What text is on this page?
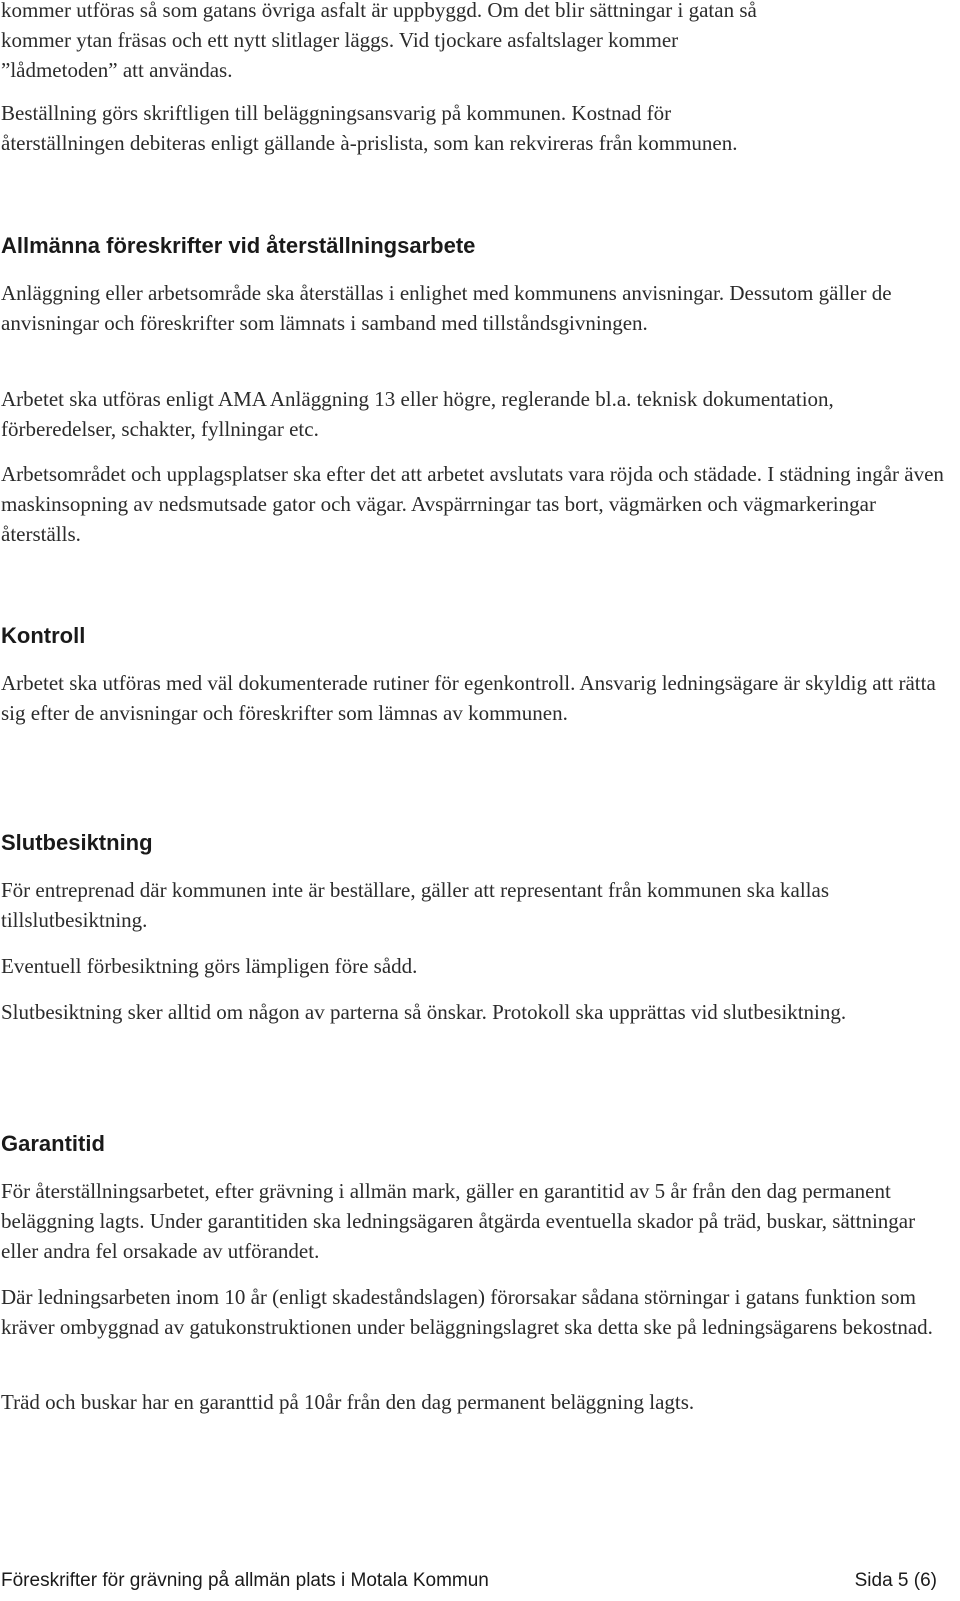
kommer utföras så som gatans övriga asfalt är uppbyggd. Om det blir sättningar i gatan så

kommer ytan fräsas och ett nytt slitlager läggs. Vid tjockare asfaltslager kommer

”lådmetoden” att användas.

Beställning görs skriftligen till beläggningsansvarig på kommunen. Kostnad för

återställningen debiteras enligt gällande à-prislista, som kan rekvireras från kommunen.

Allmänna föreskrifter vid återställningsarbete

Anläggning eller arbetsområde ska återställas i enlighet med kommunens anvisningar. Dessutom gäller de anvisningar och föreskrifter som lämnats i samband med tillståndsgivningen.

Arbetet ska utföras enligt AMA Anläggning 13 eller högre, reglerande bl.a. teknisk dokumentation, förberedelser, schakter, fyllningar etc.

Arbetsområdet och upplagsplatser ska efter det att arbetet avslutats vara röjda och städade. I städning ingår även maskinsopning av nedsmutsade gator och vägar. Avspärrningar tas bort, vägmärken och vägmarkeringar återställs.

Kontroll

Arbetet ska utföras med väl dokumenterade rutiner för egenkontroll. Ansvarig ledningsägare är skyldig att rätta sig efter de anvisningar och föreskrifter som lämnas av kommunen.

Slutbesiktning

För entreprenad där kommunen inte är beställare, gäller att representant från kommunen ska kallas tillslutbesiktning.

Eventuell förbesiktning görs lämpligen före sådd.

Slutbesiktning sker alltid om någon av parterna så önskar. Protokoll ska upprättas vid slutbesiktning.

Garantitid

För återställningsarbetet, efter grävning i allmän mark, gäller en garantitid av 5 år från den dag permanent beläggning lagts. Under garantitiden ska ledningsägaren åtgärda eventuella skador på träd, buskar, sättningar eller andra fel orsakade av utförandet.

Där ledningsarbeten inom 10 år (enligt skadeståndslagen) förorsakar sådana störningar i gatans funktion som kräver ombyggnad av gatukonstruktionen under beläggningslagret ska detta ske på ledningsägarens bekostnad.

Träd och buskar har en garanttid på 10år från den dag permanent beläggning lagts.

Föreskrifter för grävning på allmän plats i Motala Kommun	Sida 5 (6)
